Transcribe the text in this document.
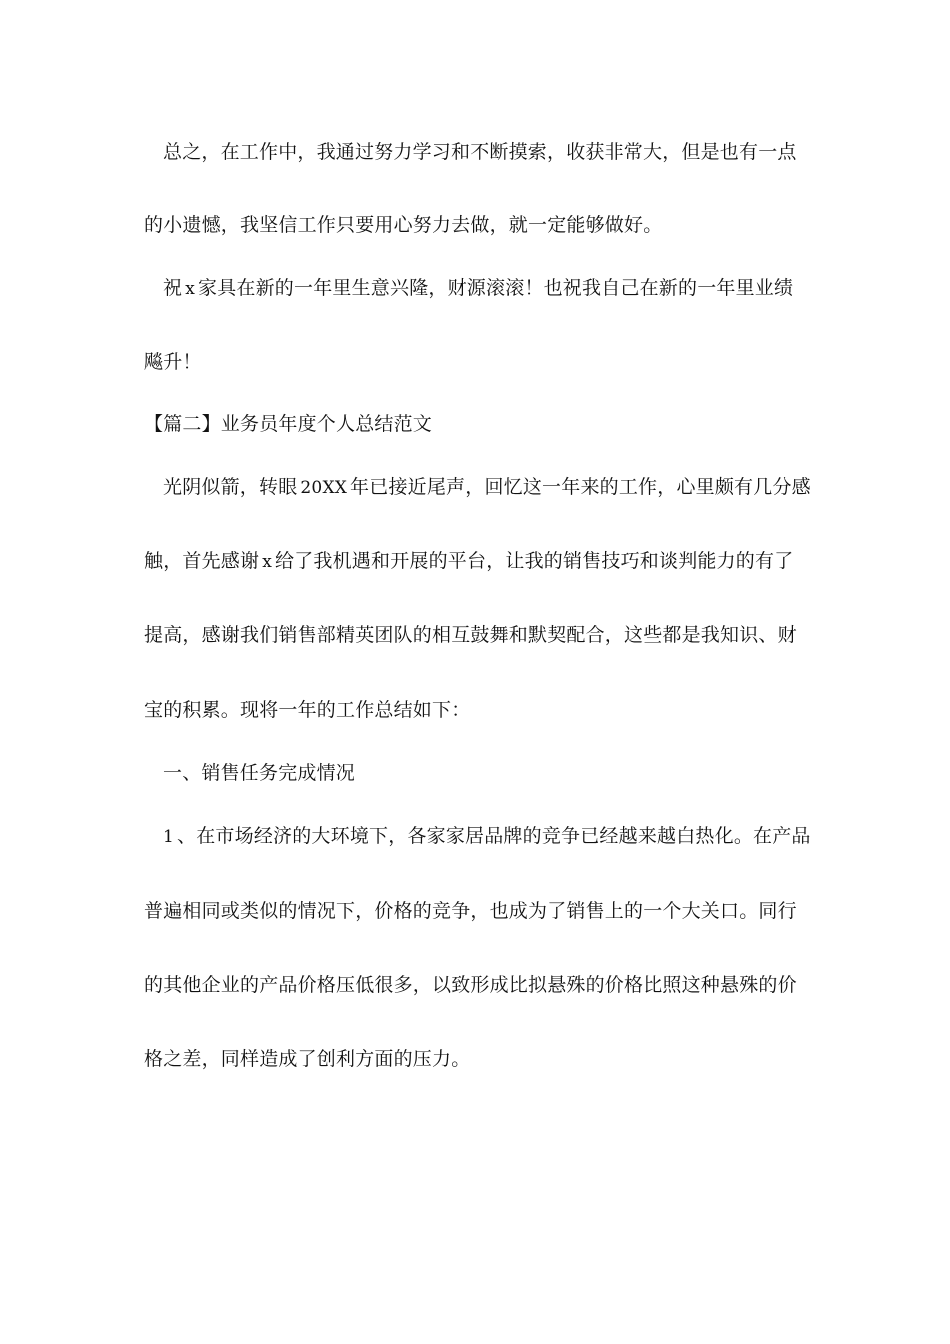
总之，在工作中，我通过努力学习和不断摸索，收获非常大，但是也有一点
的小遗憾，我坚信工作只要用心努力去做，就一定能够做好。
祝 x 家具在新的一年里生意兴隆，财源滚滚！也祝我自己在新的一年里业绩
飚升！
【篇二】业务员年度个人总结范文
光阴似箭，转眼 20XX 年已接近尾声，回忆这一年来的工作，心里颇有几分感
触，首先感谢 x 给了我机遇和开展的平台，让我的销售技巧和谈判能力的有了
提高，感谢我们销售部精英团队的相互鼓舞和默契配合，这些都是我知识、财
宝的积累。现将一年的工作总结如下：
一、销售任务完成情况
1 、在市场经济的大环境下，各家家居品牌的竞争已经越来越白热化。在产品
普遍相同或类似的情况下，价格的竞争，也成为了销售上的一个大关口。同行
的其他企业的产品价格压低很多，以致形成比拟悬殊的价格比照这种悬殊的价
格之差，同样造成了创利方面的压力。
